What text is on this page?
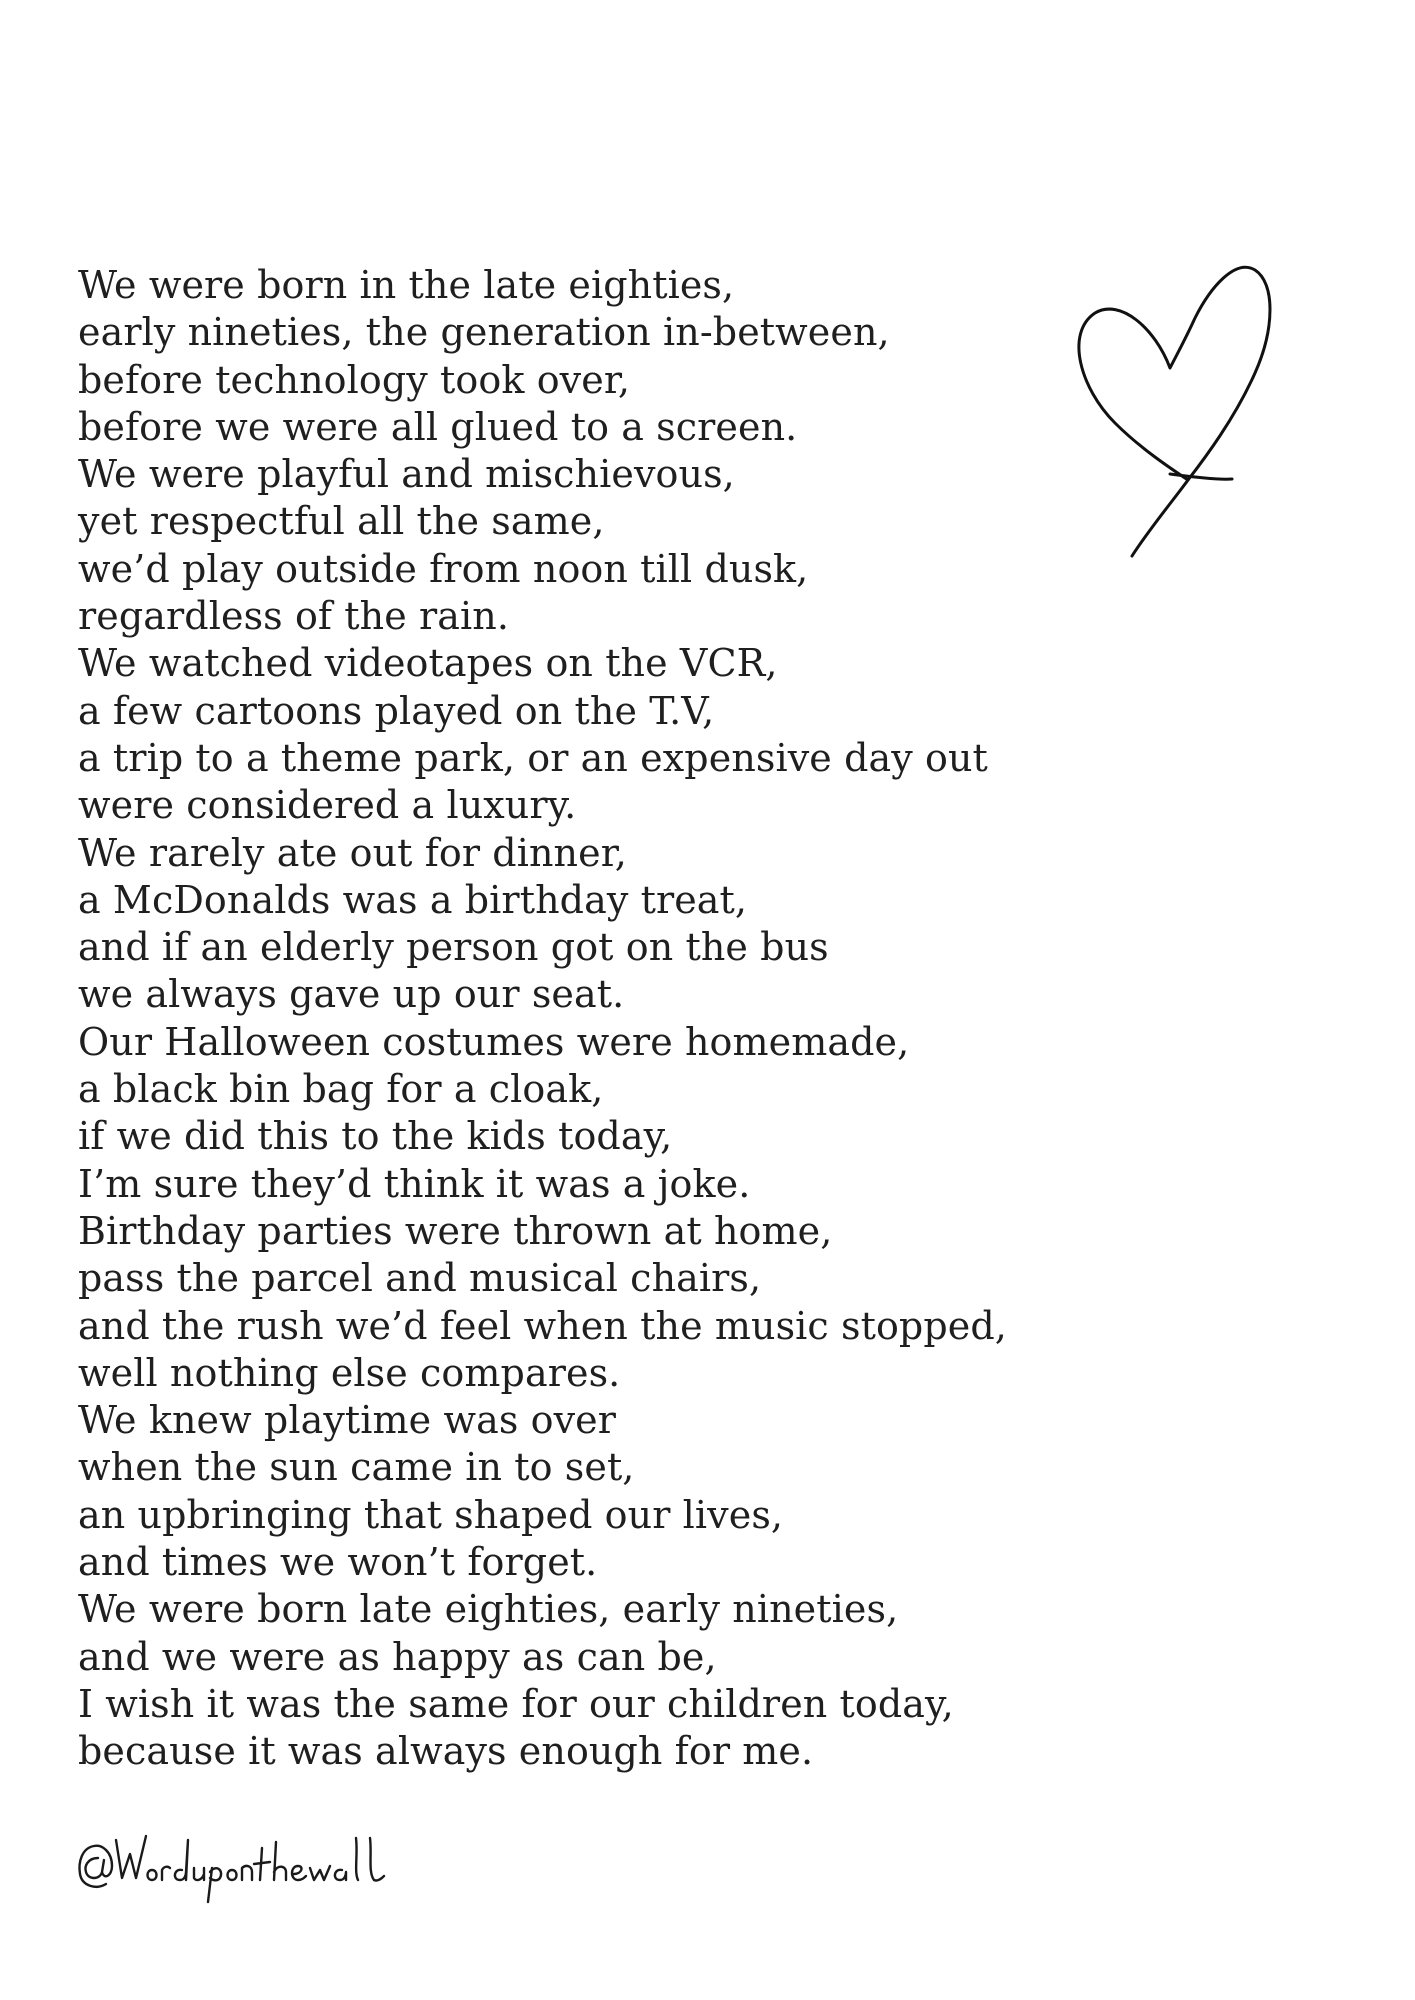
We were born in the late eighties,
early nineties, the generation in-between,
before technology took over,
before we were all glued to a screen.
We were playful and mischievous,
yet respectful all the same,
we’d play outside from noon till dusk,
regardless of the rain.
We watched videotapes on the VCR,
a few cartoons played on the T.V,
a trip to a theme park, or an expensive day out
were considered a luxury.
We rarely ate out for dinner,
a McDonalds was a birthday treat,
and if an elderly person got on the bus
we always gave up our seat.
Our Halloween costumes were homemade,
a black bin bag for a cloak,
if we did this to the kids today,
I’m sure they’d think it was a joke.
Birthday parties were thrown at home,
pass the parcel and musical chairs,
and the rush we’d feel when the music stopped,
well nothing else compares.
We knew playtime was over
when the sun came in to set,
an upbringing that shaped our lives,
and times we won’t forget.
We were born late eighties, early nineties,
and we were as happy as can be,
I wish it was the same for our children today,
because it was always enough for me.
